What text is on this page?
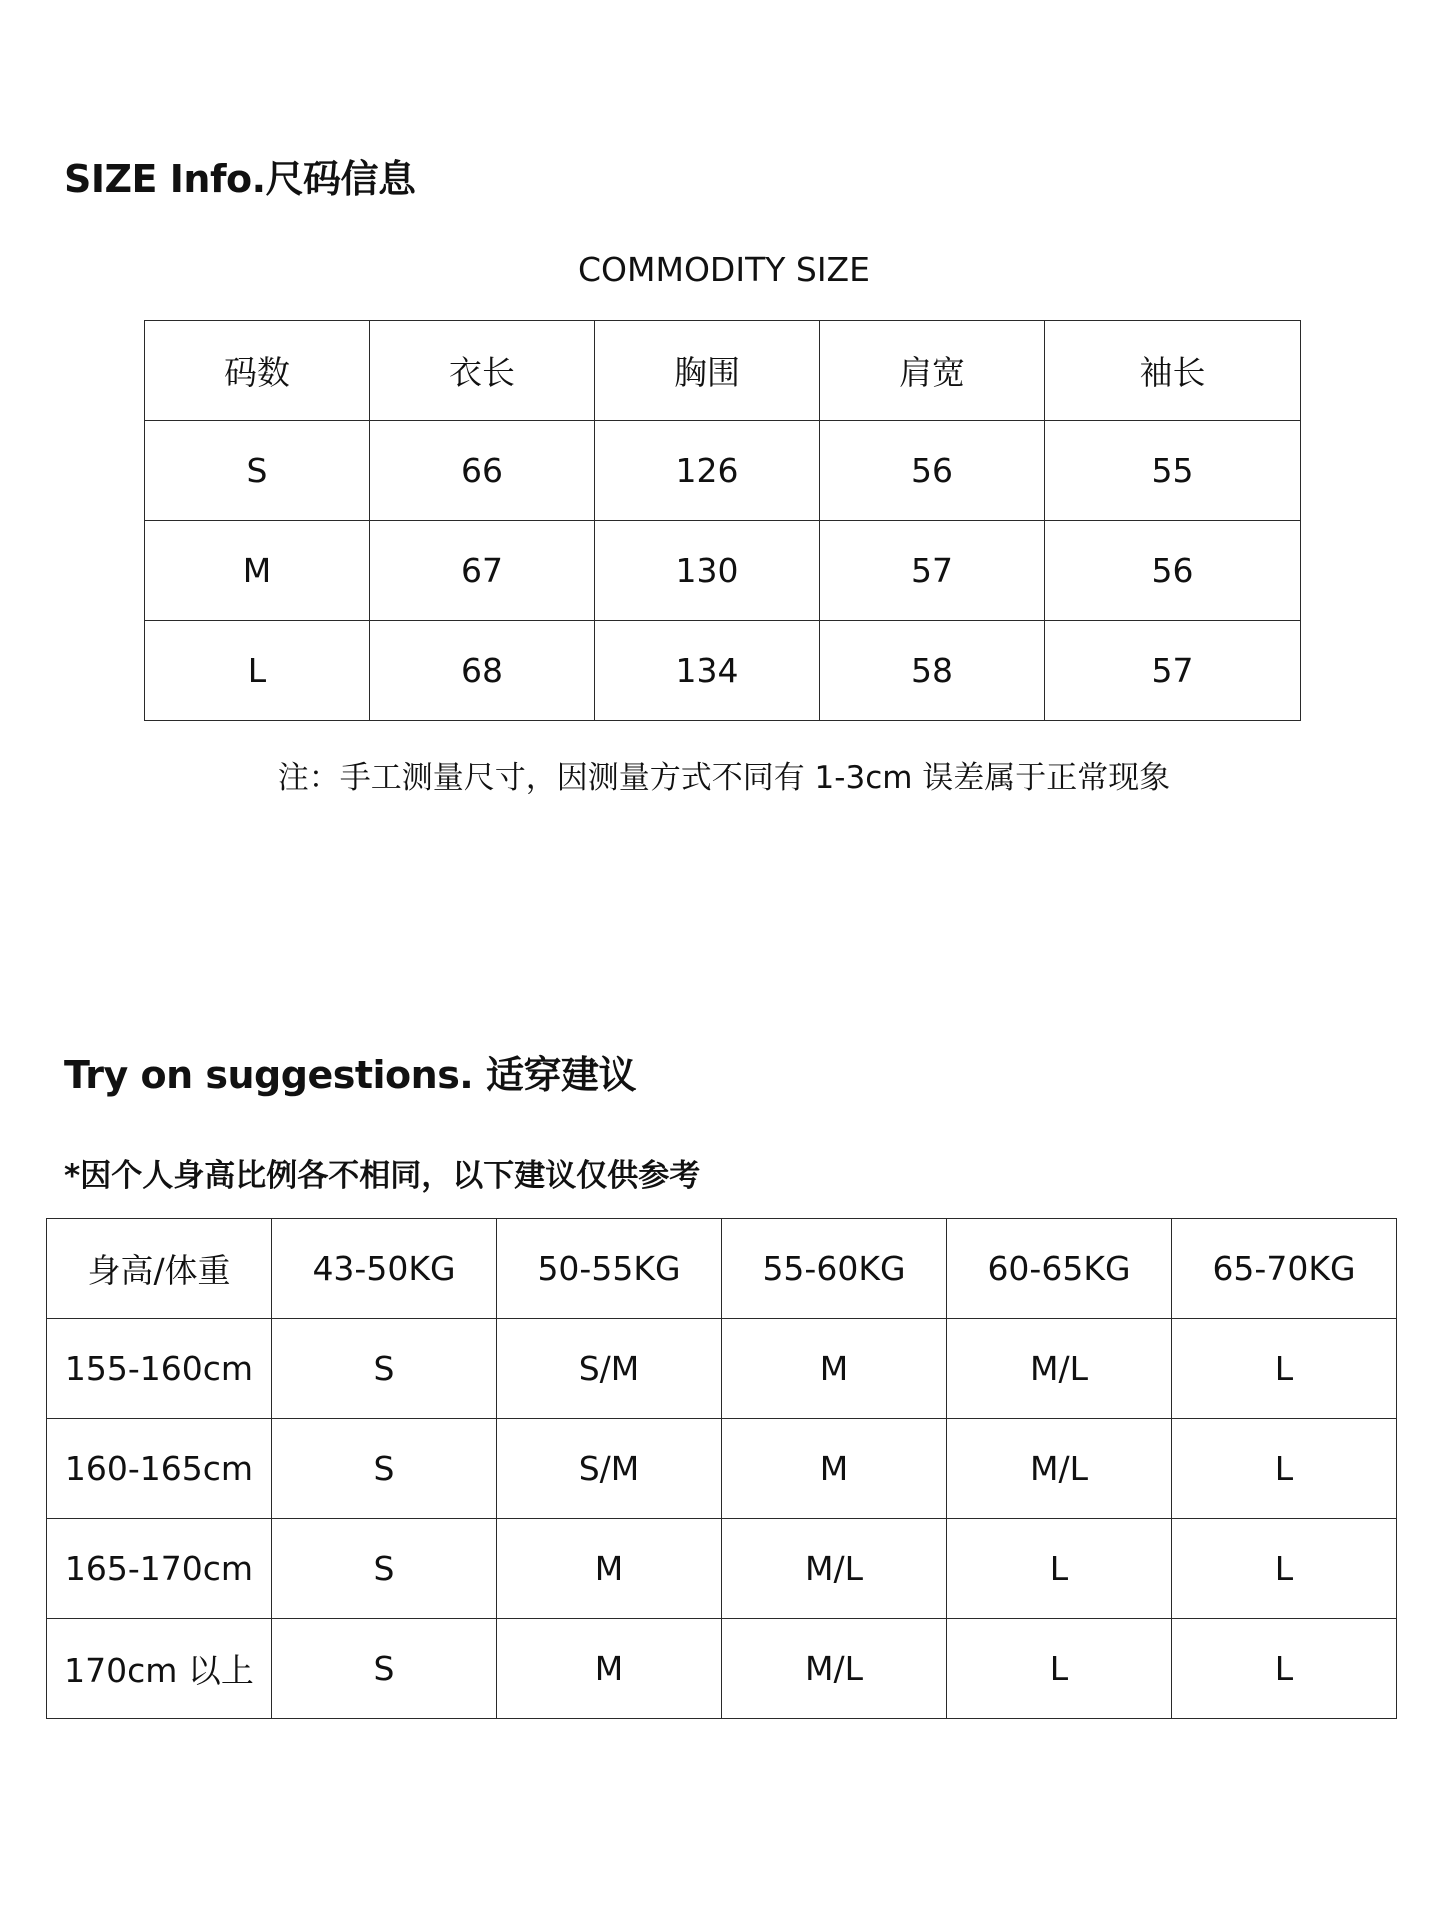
SIZE Info.尺码信息
COMMODITY SIZE
码数	衣长	胸围	肩宽	袖长
S	66	126	56	55
M	67	130	57	56
L	68	134	58	57
注：手工测量尺寸，因测量方式不同有 1-3cm 误差属于正常现象
Try on suggestions. 适穿建议
*因个人身高比例各不相同，以下建议仅供参考
身高/体重	43-50KG	50-55KG	55-60KG	60-65KG	65-70KG
155-160cm	S	S/M	M	M/L	L
160-165cm	S	S/M	M	M/L	L
165-170cm	S	M	M/L	L	L
170cm 以上	S	M	M/L	L	L
